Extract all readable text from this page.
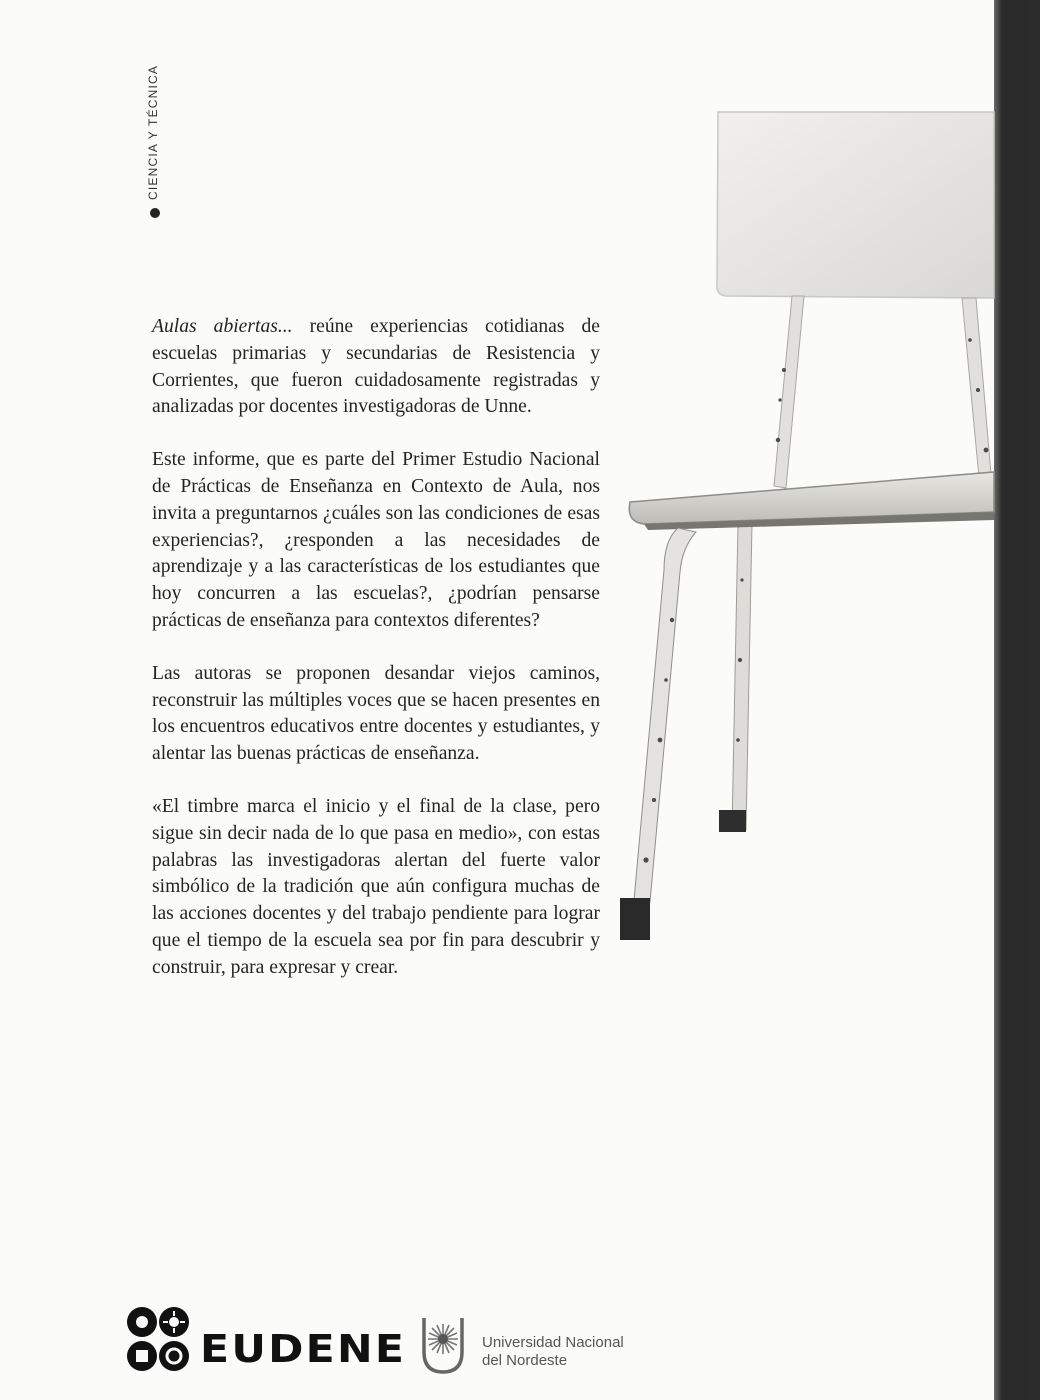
CIENCIA Y TÉCNICA

Aulas abiertas... reúne experiencias cotidianas de escuelas primarias y secundarias de Resistencia y Corrientes, que fueron cuidadosamente registradas y analizadas por docentes investigadoras de Unne.

Este informe, que es parte del Primer Estudio Nacional de Prácticas de Enseñanza en Contexto de Aula, nos invita a preguntarnos ¿cuáles son las condiciones de esas experiencias?, ¿responden a las necesidades de aprendizaje y a las características de los estudiantes que hoy concurren a las escuelas?, ¿podrían pensarse prácticas de enseñanza para contextos diferentes?

Las autoras se proponen desandar viejos caminos, reconstruir las múltiples voces que se hacen presentes en los encuentros educativos entre docentes y estudiantes, y alentar las buenas prácticas de enseñanza.

«El timbre marca el inicio y el final de la clase, pero sigue sin decir nada de lo que pasa en medio», con estas palabras las investigadoras alertan del fuerte valor simbólico de la tradición que aún configura muchas de las acciones docentes y del trabajo pendiente para lograr que el tiempo de la escuela sea por fin para descubrir y construir, para expresar y crear.

EUDENE	Universidad Nacional
del Nordeste
